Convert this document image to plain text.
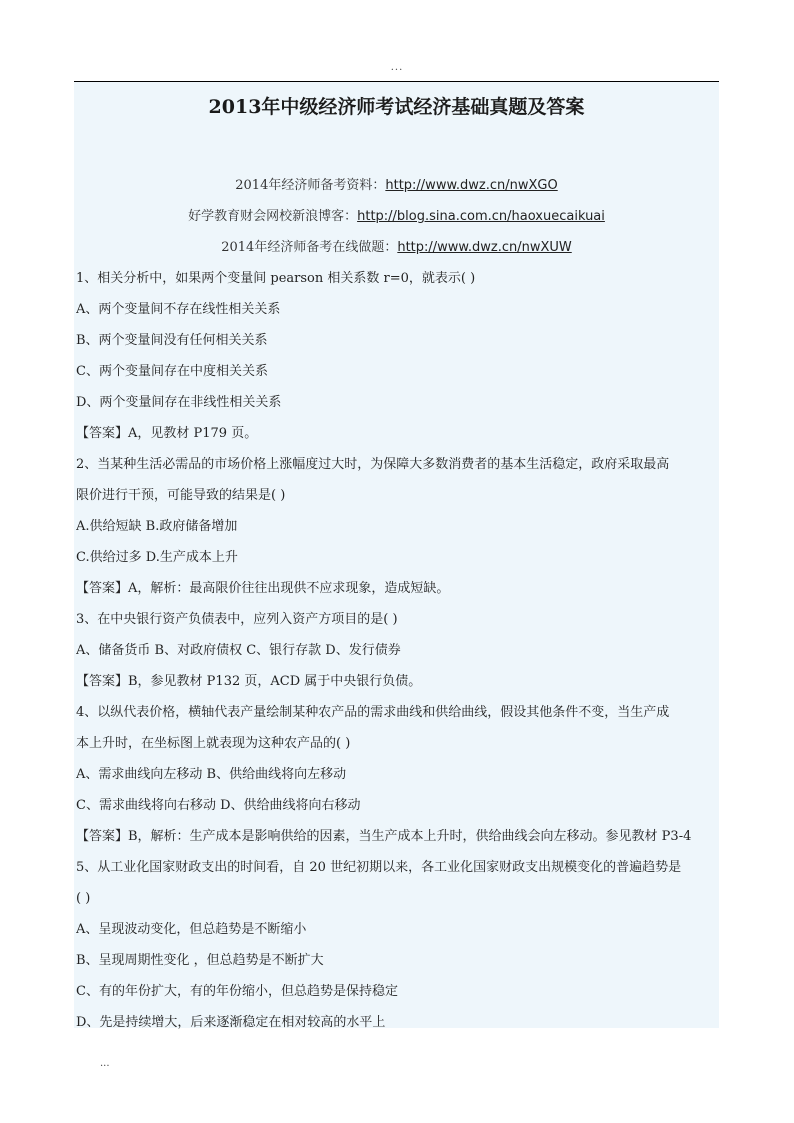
...
2013年中级经济师考试经济基础真题及答案
2014年经济师备考资料：http://www.dwz.cn/nwXGO
好学教育财会网校新浪博客：http://blog.sina.com.cn/haoxuecaikuai
2014年经济师备考在线做题：http://www.dwz.cn/nwXUW
1、相关分析中，如果两个变量间 pearson 相关系数 r=0，就表示( )
A、两个变量间不存在线性相关关系
B、两个变量间没有任何相关关系
C、两个变量间存在中度相关关系
D、两个变量间存在非线性相关关系
【答案】A，见教材 P179 页。
2、当某种生活必需品的市场价格上涨幅度过大时，为保障大多数消费者的基本生活稳定，政府采取最高
限价进行干预，可能导致的结果是( )
A.供给短缺 B.政府储备增加
C.供给过多 D.生产成本上升
【答案】A，解析：最高限价往往出现供不应求现象，造成短缺。
3、在中央银行资产负债表中，应列入资产方项目的是( )
A、储备货币 B、对政府债权 C、银行存款 D、发行债券
【答案】B，参见教材 P132 页，ACD 属于中央银行负债。
4、以纵代表价格，横轴代表产量绘制某种农产品的需求曲线和供给曲线，假设其他条件不变，当生产成
本上升时，在坐标图上就表现为这种农产品的( )
A、需求曲线向左移动 B、供给曲线将向左移动
C、需求曲线将向右移动 D、供给曲线将向右移动
【答案】B，解析：生产成本是影响供给的因素，当生产成本上升时，供给曲线会向左移动。参见教材 P3-4
5、从工业化国家财政支出的时间看，自 20 世纪初期以来，各工业化国家财政支出规模变化的普遍趋势是
( )
A、呈现波动变化，但总趋势是不断缩小
B、呈现周期性变化 ，但总趋势是不断扩大
C、有的年份扩大，有的年份缩小，但总趋势是保持稳定
D、先是持续增大，后来逐渐稳定在相对较高的水平上
...
